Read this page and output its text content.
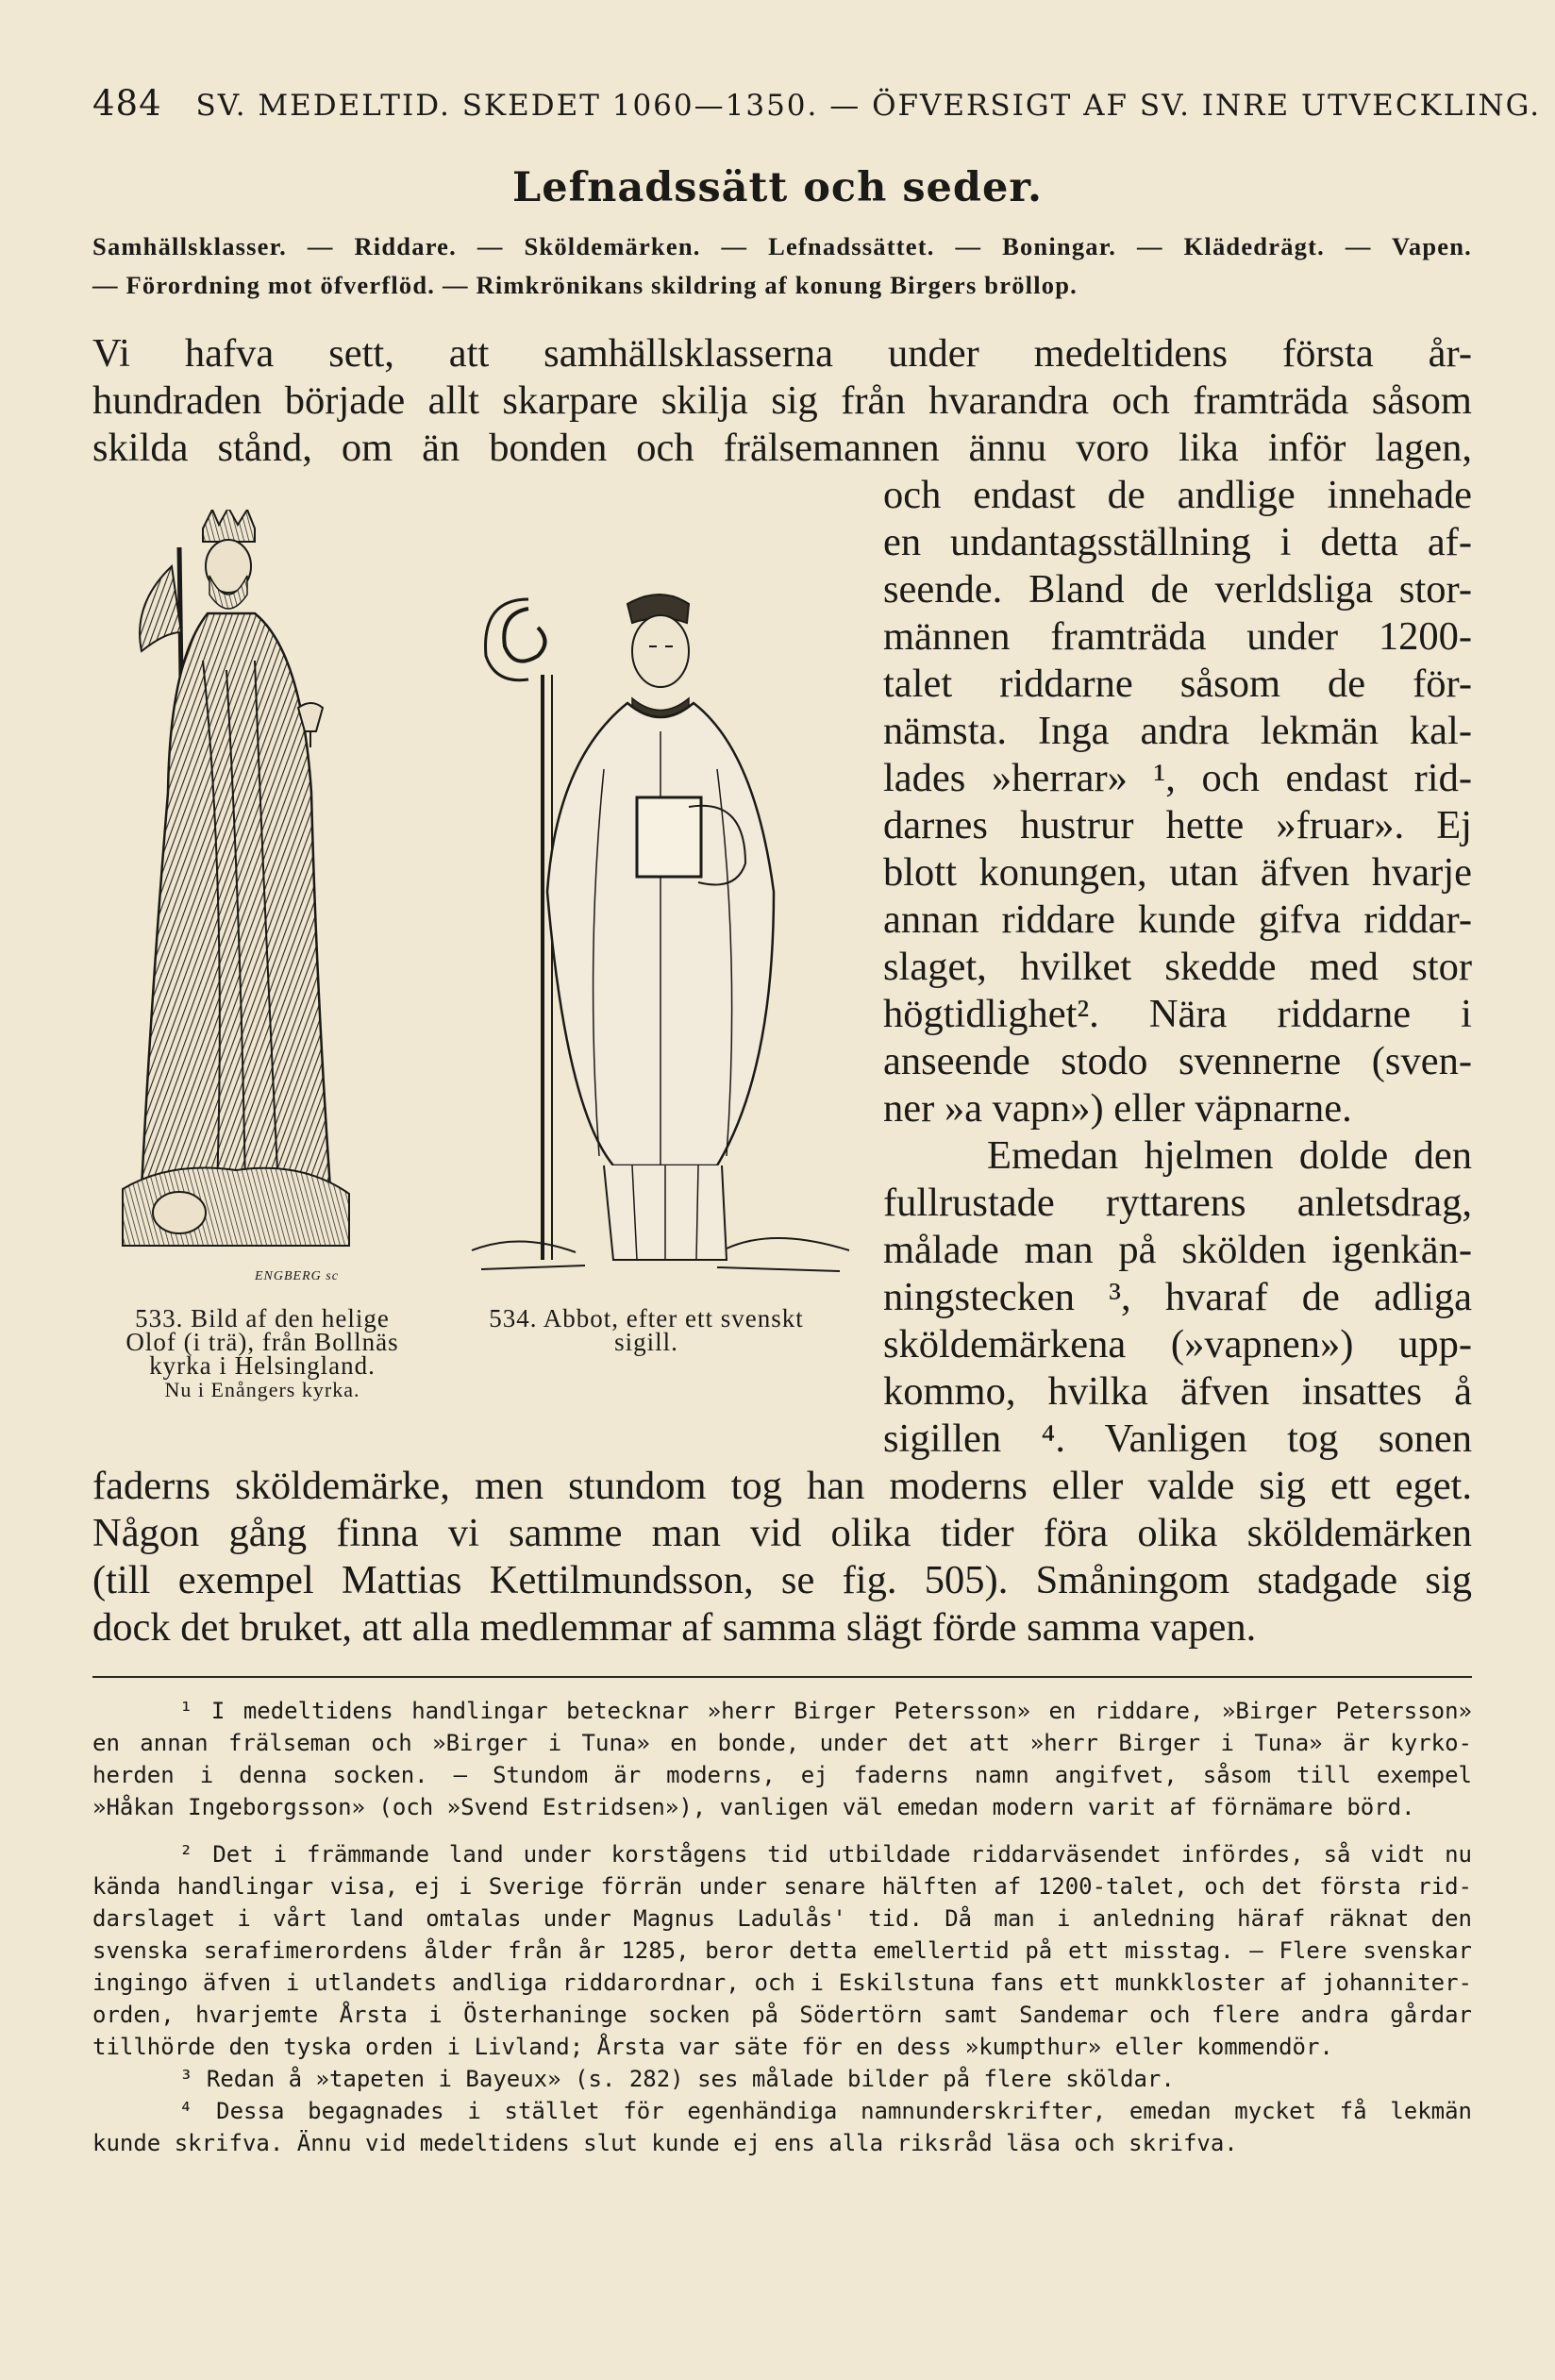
484 SV. MEDELTID. SKEDET 1060—1350. — ÖFVERSIGT AF SV. INRE UTVECKLING.
Lefnadssätt och seder.
Samhällsklasser. — Riddare. — Sköldemärken. — Lefnadssättet. — Boningar. — Klädedrägt. — Vapen.
— Förordning mot öfverflöd. — Rimkrönikans skildring af konung Birgers bröllop.
Vi hafva sett, att samhällsklasserna under medeltidens första år-
hundraden började allt skarpare skilja sig från hvarandra och framträda såsom
skilda stånd, om än bonden och frälsemannen ännu voro lika inför lagen,
och endast de andlige innehade
en undantagsställning i detta af-
seende. Bland de verldsliga stor-
männen framträda under 1200-
talet riddarne såsom de för-
nämsta. Inga andra lekmän kal-
lades »herrar» ¹, och endast rid-
darnes hustrur hette »fruar». Ej
blott konungen, utan äfven hvarje
annan riddare kunde gifva riddar-
slaget, hvilket skedde med stor
högtidlighet². Nära riddarne i
anseende stodo svennerne (sven-
ner »a vapn») eller väpnarne.
Emedan hjelmen dolde den
fullrustade ryttarens anletsdrag,
målade man på skölden igenkän-
ningstecken ³, hvaraf de adliga
sköldemärkena (»vapnen») upp-
kommo, hvilka äfven insattes å
sigillen ⁴. Vanligen tog sonen
faderns sköldemärke, men stundom tog han moderns eller valde sig ett eget.
Någon gång finna vi samme man vid olika tider föra olika sköldemärken
(till exempel Mattias Kettilmundsson, se fig. 505). Småningom stadgade sig
dock det bruket, att alla medlemmar af samma slägt förde samma vapen.
ENGBERG sc
533. Bild af den helige
Olof (i trä), från Bollnäs
kyrka i Helsingland.
Nu i Enångers kyrka.
534. Abbot, efter ett svenskt
sigill.
¹ I medeltidens handlingar betecknar »herr Birger Petersson» en riddare, »Birger Petersson»
en annan frälseman och »Birger i Tuna» en bonde, under det att »herr Birger i Tuna» är kyrko-
herden i denna socken. — Stundom är moderns, ej faderns namn angifvet, såsom till exempel
»Håkan Ingeborgsson» (och »Svend Estridsen»), vanligen väl emedan modern varit af förnämare börd.
² Det i främmande land under korstågens tid utbildade riddarväsendet infördes, så vidt nu
kända handlingar visa, ej i Sverige förrän under senare hälften af 1200-talet, och det första rid-
darslaget i vårt land omtalas under Magnus Ladulås' tid. Då man i anledning häraf räknat den
svenska serafimerordens ålder från år 1285, beror detta emellertid på ett misstag. — Flere svenskar
ingingo äfven i utlandets andliga riddarordnar, och i Eskilstuna fans ett munkkloster af johanniter-
orden, hvarjemte Årsta i Österhaninge socken på Södertörn samt Sandemar och flere andra gårdar
tillhörde den tyska orden i Livland; Årsta var säte för en dess »kumpthur» eller kommendör.
³ Redan å »tapeten i Bayeux» (s. 282) ses målade bilder på flere sköldar.
⁴ Dessa begagnades i stället för egenhändiga namnunderskrifter, emedan mycket få lekmän
kunde skrifva. Ännu vid medeltidens slut kunde ej ens alla riksråd läsa och skrifva.
